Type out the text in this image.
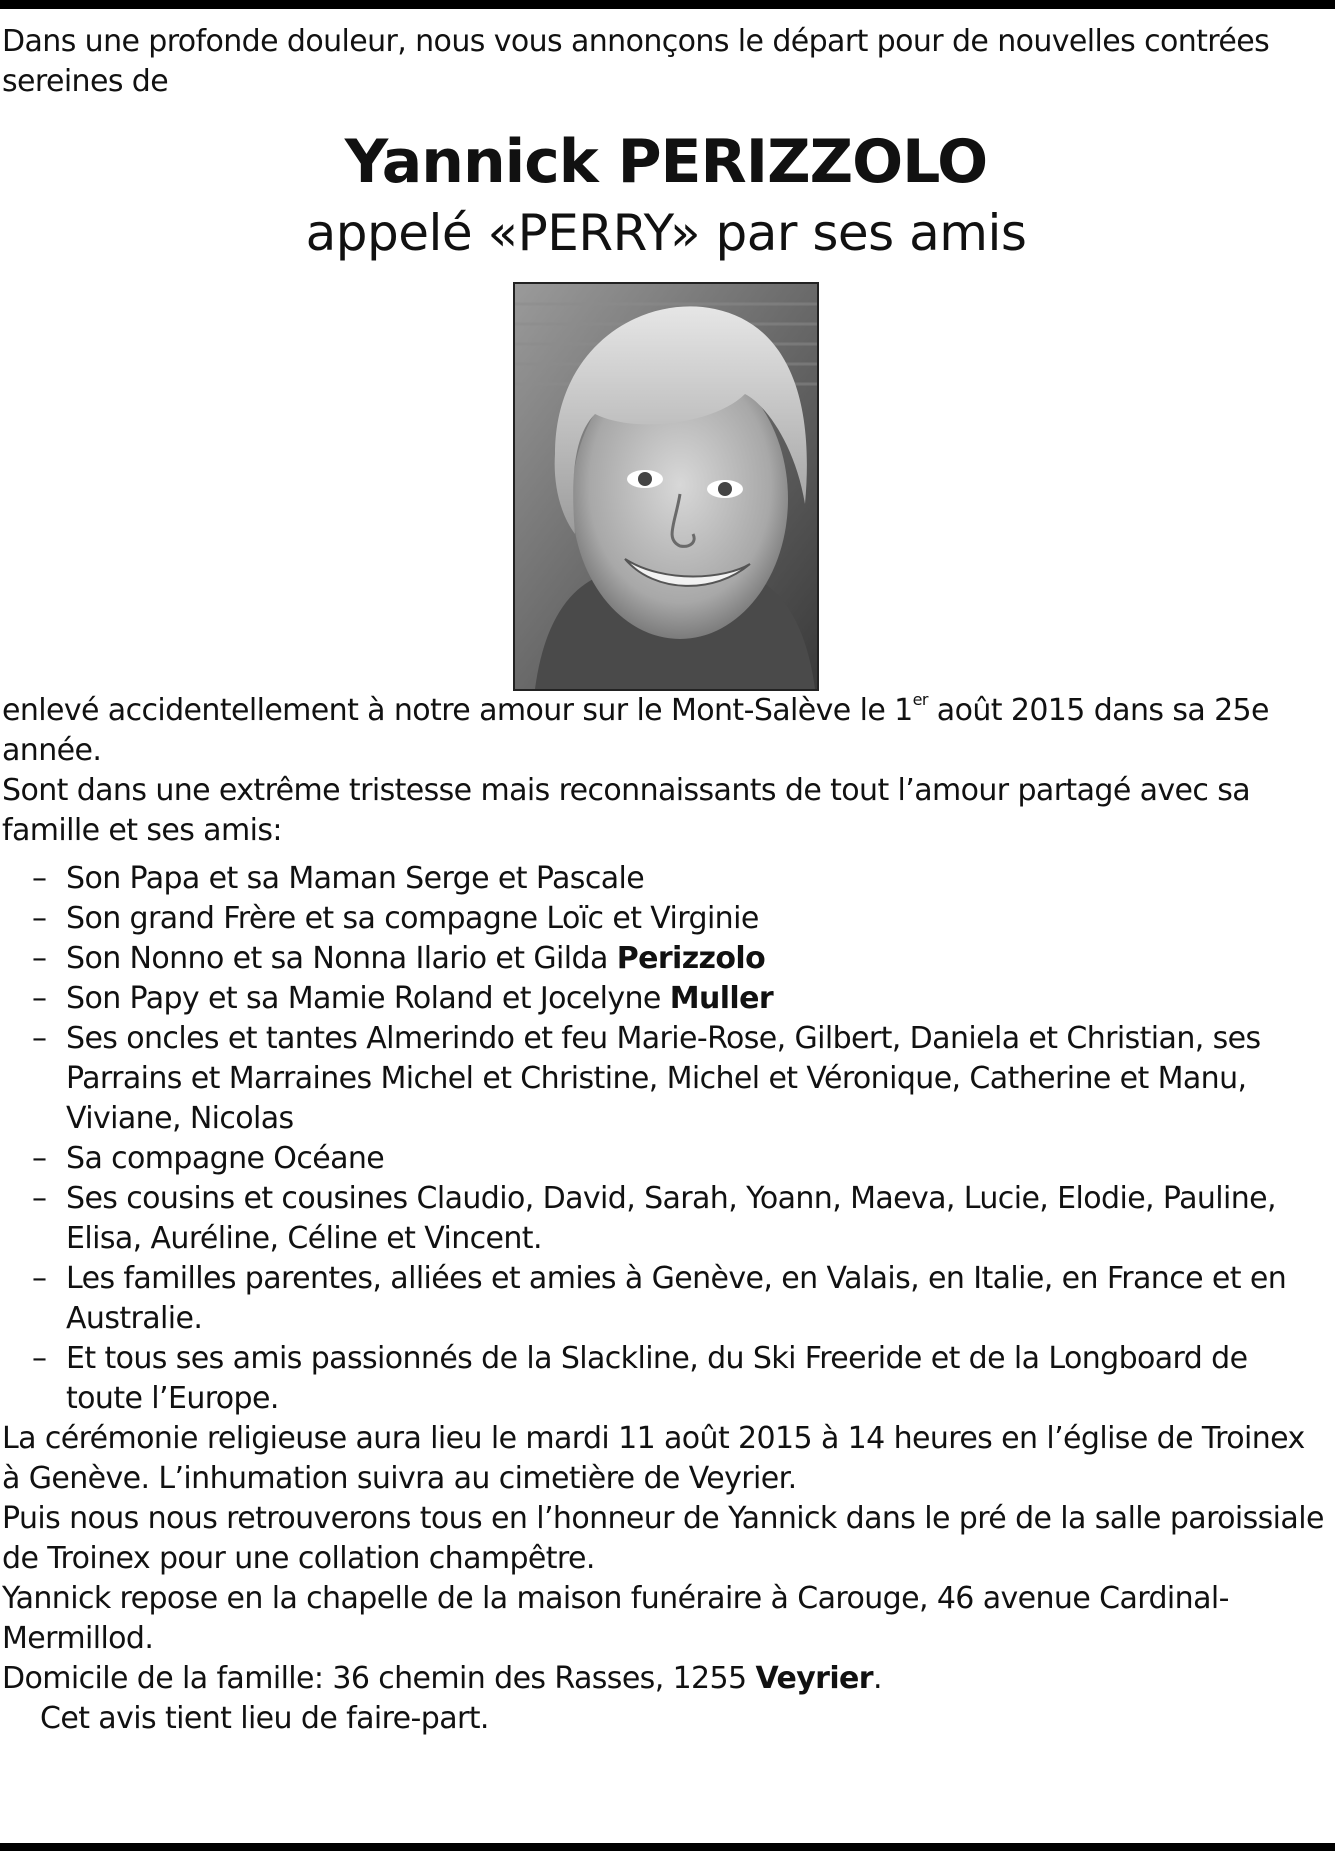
Dans une profonde douleur, nous vous annonçons le départ pour de nouvelles contrées sereines de

Yannick PERIZZOLO
appelé «PERRY» par ses amis

enlevé accidentellement à notre amour sur le Mont-Salève le 1er août 2015 dans sa 25e année.

Sont dans une extrême tristesse mais reconnaissants de tout l’amour partagé avec sa famille et ses amis:

– Son Papa et sa Maman Serge et Pascale
– Son grand Frère et sa compagne Loïc et Virginie
– Son Nonno et sa Nonna Ilario et Gilda Perizzolo
– Son Papy et sa Mamie Roland et Jocelyne Muller
– Ses oncles et tantes Almerindo et feu Marie-Rose, Gilbert, Daniela et Christian, ses Parrains et Marraines Michel et Christine, Michel et Véronique, Catherine et Manu, Viviane, Nicolas
– Sa compagne Océane
– Ses cousins et cousines Claudio, David, Sarah, Yoann, Maeva, Lucie, Elodie, Pauline, Elisa, Auréline, Céline et Vincent.
– Les familles parentes, alliées et amies à Genève, en Valais, en Italie, en France et en Australie.
– Et tous ses amis passionnés de la Slackline, du Ski Freeride et de la Longboard de toute l’Europe.

La cérémonie religieuse aura lieu le mardi 11 août 2015 à 14 heures en l’église de Troinex à Genève. L’inhumation suivra au cimetière de Veyrier.

Puis nous nous retrouverons tous en l’honneur de Yannick dans le pré de la salle paroissiale de Troinex pour une collation champêtre.

Yannick repose en la chapelle de la maison funéraire à Carouge, 46 avenue Cardinal-Mermillod.

Domicile de la famille: 36 chemin des Rasses, 1255 Veyrier.

Cet avis tient lieu de faire-part.
